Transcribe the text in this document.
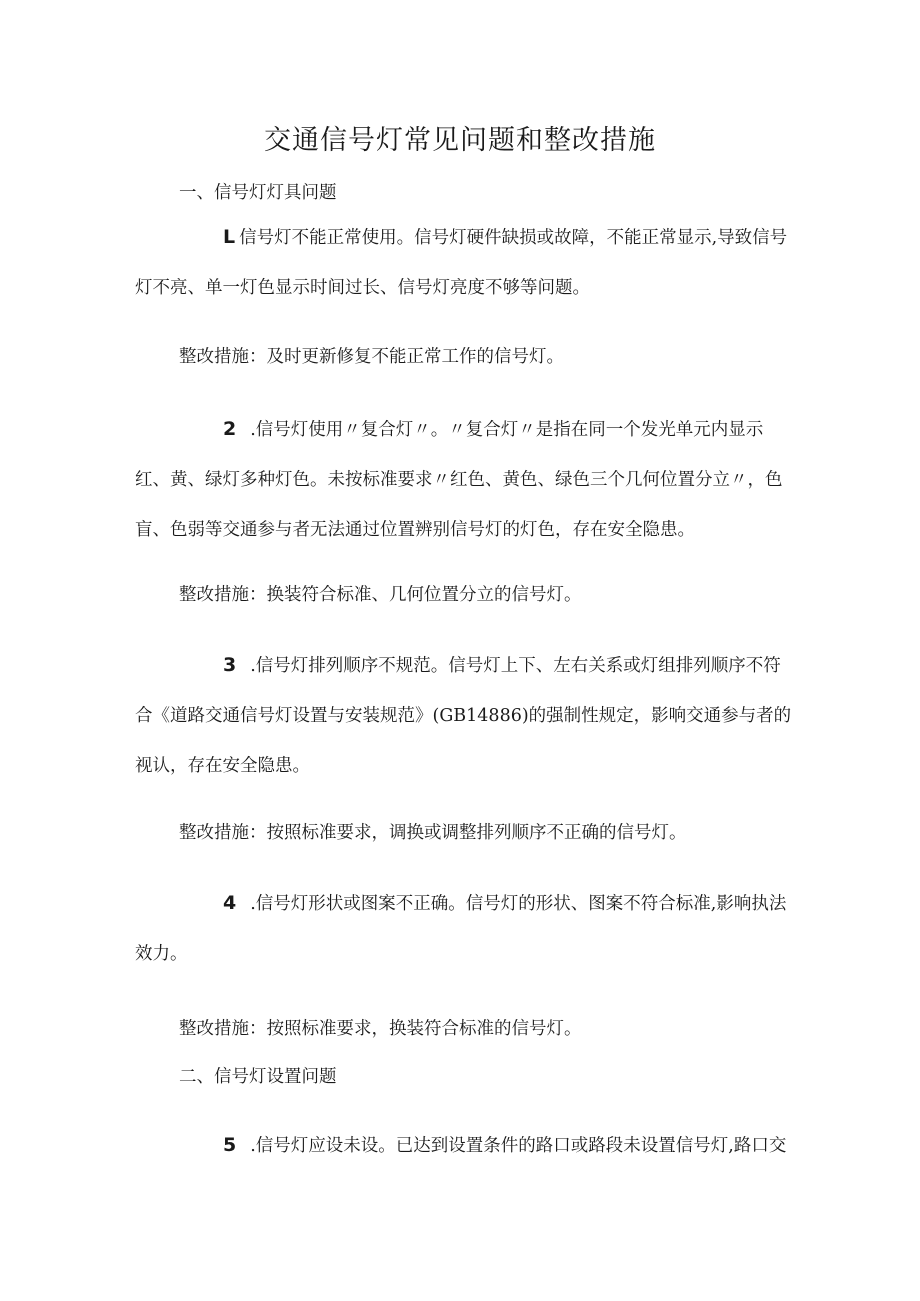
交通信号灯常见问题和整改措施

一、信号灯灯具问题

L 信号灯不能正常使用。信号灯硬件缺损或故障，不能正常显示,导致信号灯不亮、单一灯色显示时间过长、信号灯亮度不够等问题。

整改措施：及时更新修复不能正常工作的信号灯。

2 .信号灯使用〃复合灯〃。〃复合灯〃是指在同一个发光单元内显示红、黄、绿灯多种灯色。未按标准要求〃红色、黄色、绿色三个几何位置分立〃，色盲、色弱等交通参与者无法通过位置辨别信号灯的灯色，存在安全隐患。

整改措施：换装符合标准、几何位置分立的信号灯。

3 .信号灯排列顺序不规范。信号灯上下、左右关系或灯组排列顺序不符合《道路交通信号灯设置与安装规范》(GB14886)的强制性规定，影响交通参与者的视认，存在安全隐患。

整改措施：按照标准要求，调换或调整排列顺序不正确的信号灯。

4 .信号灯形状或图案不正确。信号灯的形状、图案不符合标准,影响执法效力。

整改措施：按照标准要求，换装符合标准的信号灯。

二、信号灯设置问题

5 .信号灯应设未设。已达到设置条件的路口或路段未设置信号灯,路口交
